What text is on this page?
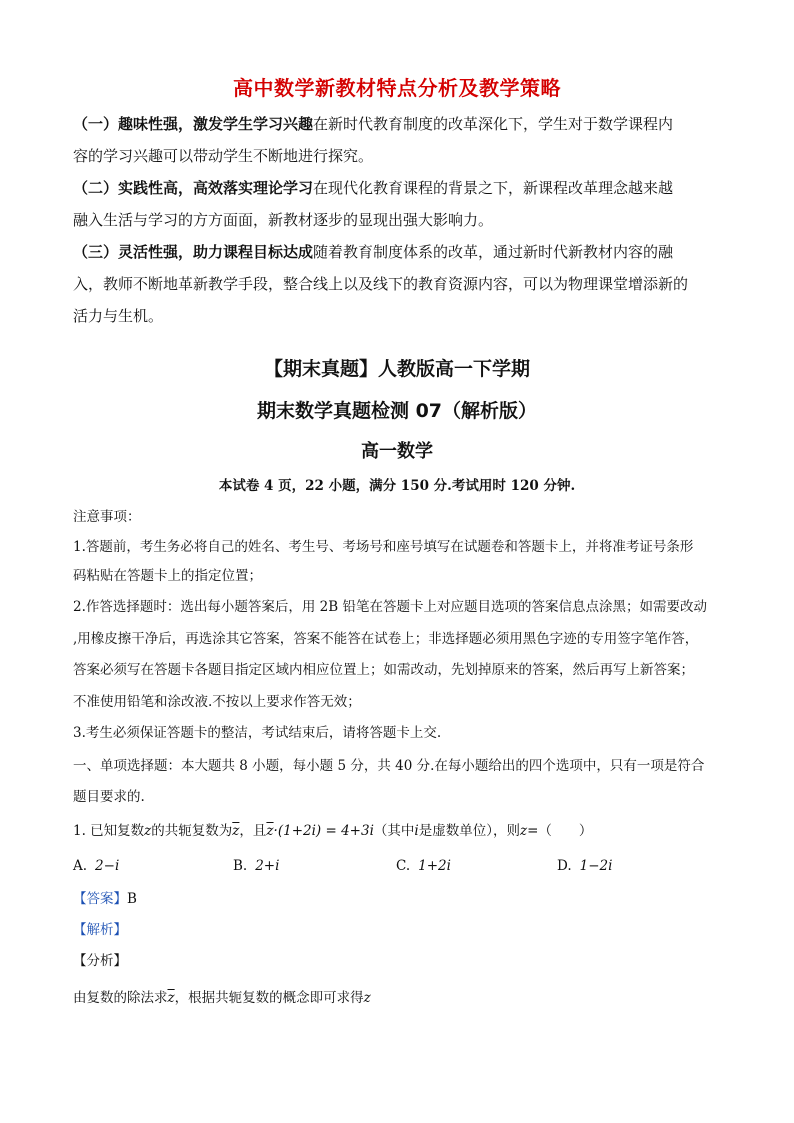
高中数学新教材特点分析及教学策略
（一）趣味性强，激发学生学习兴趣在新时代教育制度的改革深化下，学生对于数学课程内
容的学习兴趣可以带动学生不断地进行探究。
（二）实践性高，高效落实理论学习在现代化教育课程的背景之下，新课程改革理念越来越
融入生活与学习的方方面面，新教材逐步的显现出强大影响力。
（三）灵活性强，助力课程目标达成随着教育制度体系的改革，通过新时代新教材内容的融
入，教师不断地革新教学手段，整合线上以及线下的教育资源内容，可以为物理课堂增添新的
活力与生机。
【期末真题】人教版高一下学期
期末数学真题检测 07（解析版）
高一数学
本试卷 4 页，22 小题，满分 150 分.考试用时 120 分钟.
注意事项：
1.答题前，考生务必将自己的姓名、考生号、考场号和座号填写在试题卷和答题卡上，并将准考证号条形
码粘贴在答题卡上的指定位置；
2.作答选择题时：选出每小题答案后，用 2B 铅笔在答题卡上对应题目选项的答案信息点涂黑；如需要改动
,用橡皮擦干净后，再选涂其它答案，答案不能答在试卷上；非选择题必须用黑色字迹的专用签字笔作答，
答案必须写在答题卡各题目指定区域内相应位置上；如需改动，先划掉原来的答案，然后再写上新答案；
不准使用铅笔和涂改液.不按以上要求作答无效；
3.考生必须保证答题卡的整洁，考试结束后，请将答题卡上交.
一、单项选择题：本大题共 8 小题，每小题 5 分，共 40 分.在每小题给出的四个选项中，只有一项是符合
题目要求的.
1. 已知复数z的共轭复数为$\overline{z}$，且$\overline{z}\cdot(1+2i) = 4+3i$（其中i是虚数单位），则z=（　　）
A. 2−i	B. 2+i	C. 1+2i	D. 1−2i
【答案】B
【解析】
【分析】
由复数的除法求$\overline{z}$，根据共轭复数的概念即可求得z
